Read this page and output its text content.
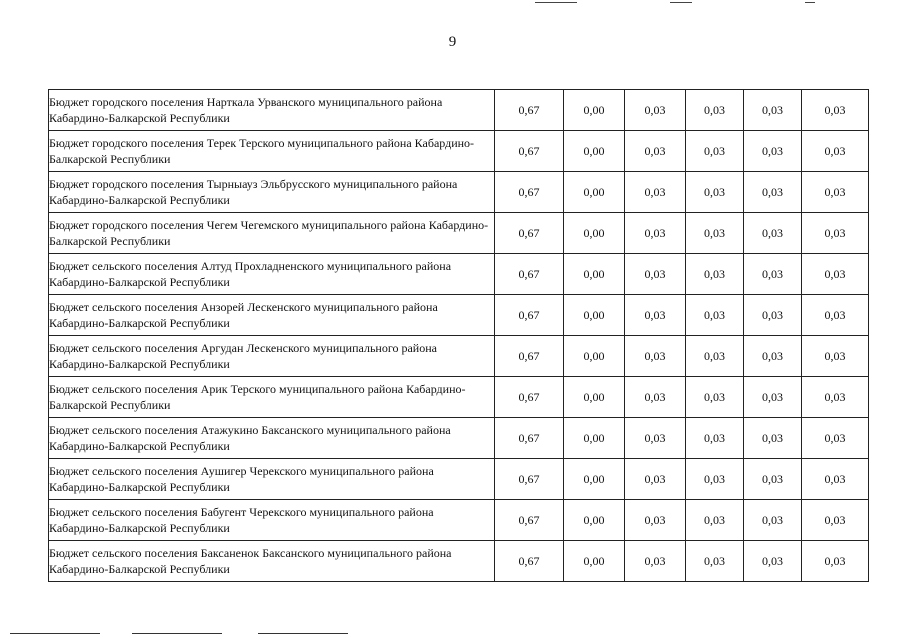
9
Бюджет городского поселения Нарткала Урванского муниципального района Кабардино-Балкарской Республики	0,67	0,00	0,03	0,03	0,03	0,03
Бюджет городского поселения Терек Терского муниципального района Кабардино-Балкарской Республики	0,67	0,00	0,03	0,03	0,03	0,03
Бюджет городского поселения Тырныауз Эльбрусского муниципального района Кабардино-Балкарской Республики	0,67	0,00	0,03	0,03	0,03	0,03
Бюджет городского поселения Чегем Чегемского муниципального района Кабардино-Балкарской Республики	0,67	0,00	0,03	0,03	0,03	0,03
Бюджет сельского поселения Алтуд Прохладненского муниципального района Кабардино-Балкарской Республики	0,67	0,00	0,03	0,03	0,03	0,03
Бюджет сельского поселения Анзорей Лескенского муниципального района Кабардино-Балкарской Республики	0,67	0,00	0,03	0,03	0,03	0,03
Бюджет сельского поселения Аргудан Лескенского муниципального района Кабардино-Балкарской Республики	0,67	0,00	0,03	0,03	0,03	0,03
Бюджет сельского поселения Арик Терского муниципального района Кабардино-Балкарской Республики	0,67	0,00	0,03	0,03	0,03	0,03
Бюджет сельского поселения Атажукино Баксанского муниципального района Кабардино-Балкарской Республики	0,67	0,00	0,03	0,03	0,03	0,03
Бюджет сельского поселения Аушигер Черекского муниципального района Кабардино-Балкарской Республики	0,67	0,00	0,03	0,03	0,03	0,03
Бюджет сельского поселения Бабугент Черекского муниципального района Кабардино-Балкарской Республики	0,67	0,00	0,03	0,03	0,03	0,03
Бюджет сельского поселения Баксаненок Баксанского муниципального района Кабардино-Балкарской Республики	0,67	0,00	0,03	0,03	0,03	0,03
